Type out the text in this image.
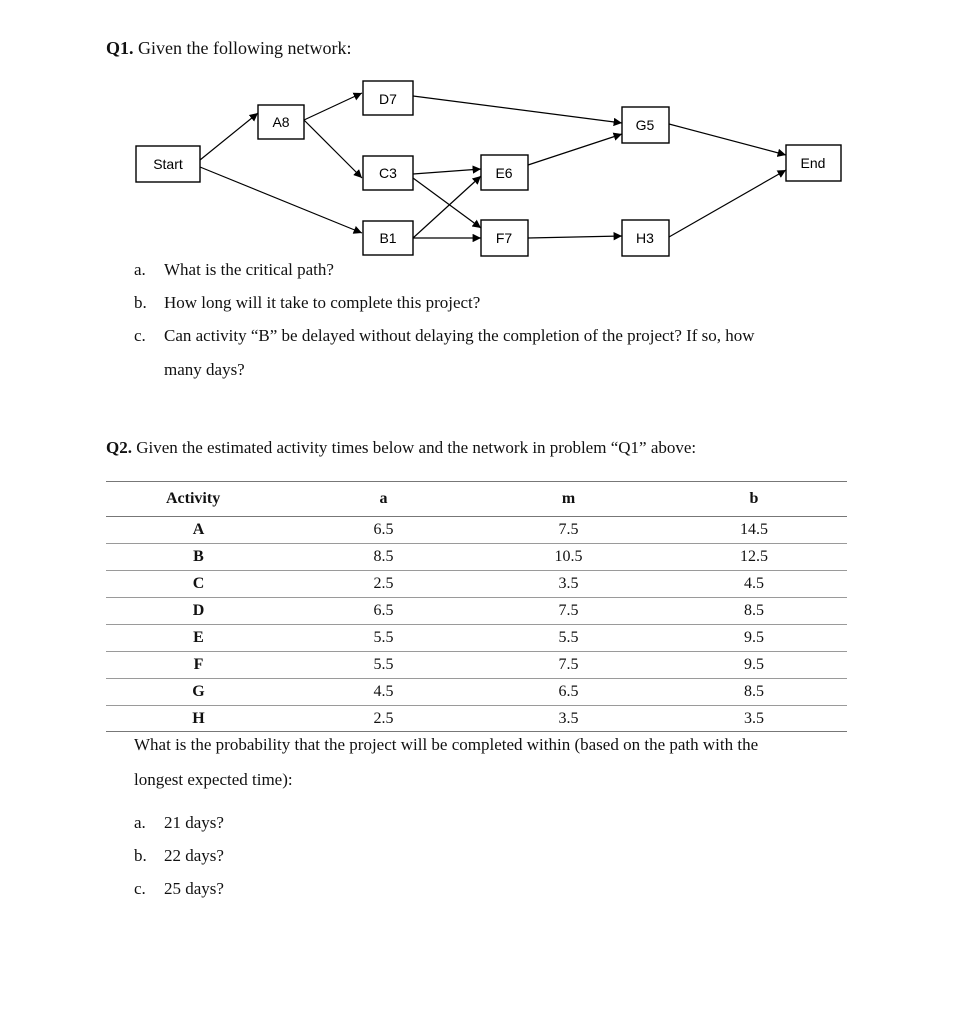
Q1. Given the following network:
Start
A8
D7
C3
B1
E6
F7
G5
H3
End
a. What is the critical path?
b. How long will it take to complete this project?
c. Can activity “B” be delayed without delaying the completion of the project? If so, how
many days?
Q2. Given the estimated activity times below and the network in problem “Q1” above:
Activity	a	m	b
A	6.5	7.5	14.5
B	8.5	10.5	12.5
C	2.5	3.5	4.5
D	6.5	7.5	8.5
E	5.5	5.5	9.5
F	5.5	7.5	9.5
G	4.5	6.5	8.5
H	2.5	3.5	3.5
What is the probability that the project will be completed within (based on the path with the
longest expected time):
a. 21 days?
b. 22 days?
c. 25 days?
